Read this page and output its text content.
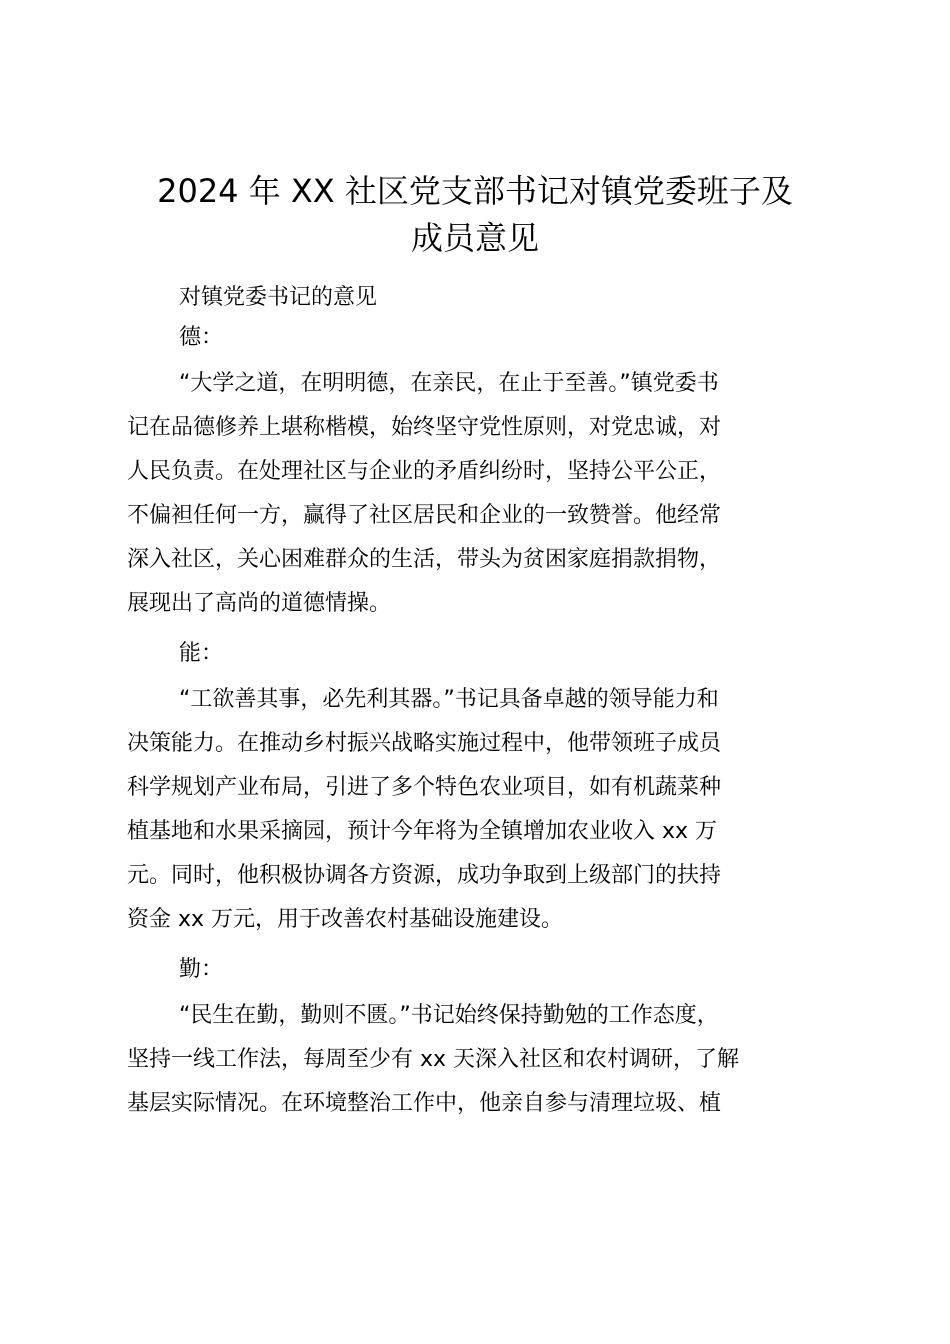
2024 年 XX 社区党支部书记对镇党委班子及
成员意见

对镇党委书记的意见

德：

“大学之道，在明明德，在亲民，在止于至善。”镇党委书

记在品德修养上堪称楷模，始终坚守党性原则，对党忠诚，对

人民负责。在处理社区与企业的矛盾纠纷时，坚持公平公正，

不偏袒任何一方，赢得了社区居民和企业的一致赞誉。他经常

深入社区，关心困难群众的生活，带头为贫困家庭捐款捐物，

展现出了高尚的道德情操。

能：

“工欲善其事，必先利其器。”书记具备卓越的领导能力和

决策能力。在推动乡村振兴战略实施过程中，他带领班子成员

科学规划产业布局，引进了多个特色农业项目，如有机蔬菜种

植基地和水果采摘园，预计今年将为全镇增加农业收入 xx 万

元。同时，他积极协调各方资源，成功争取到上级部门的扶持

资金 xx 万元，用于改善农村基础设施建设。

勤：

“民生在勤，勤则不匮。”书记始终保持勤勉的工作态度，

坚持一线工作法，每周至少有 xx 天深入社区和农村调研，了解

基层实际情况。在环境整治工作中，他亲自参与清理垃圾、植
